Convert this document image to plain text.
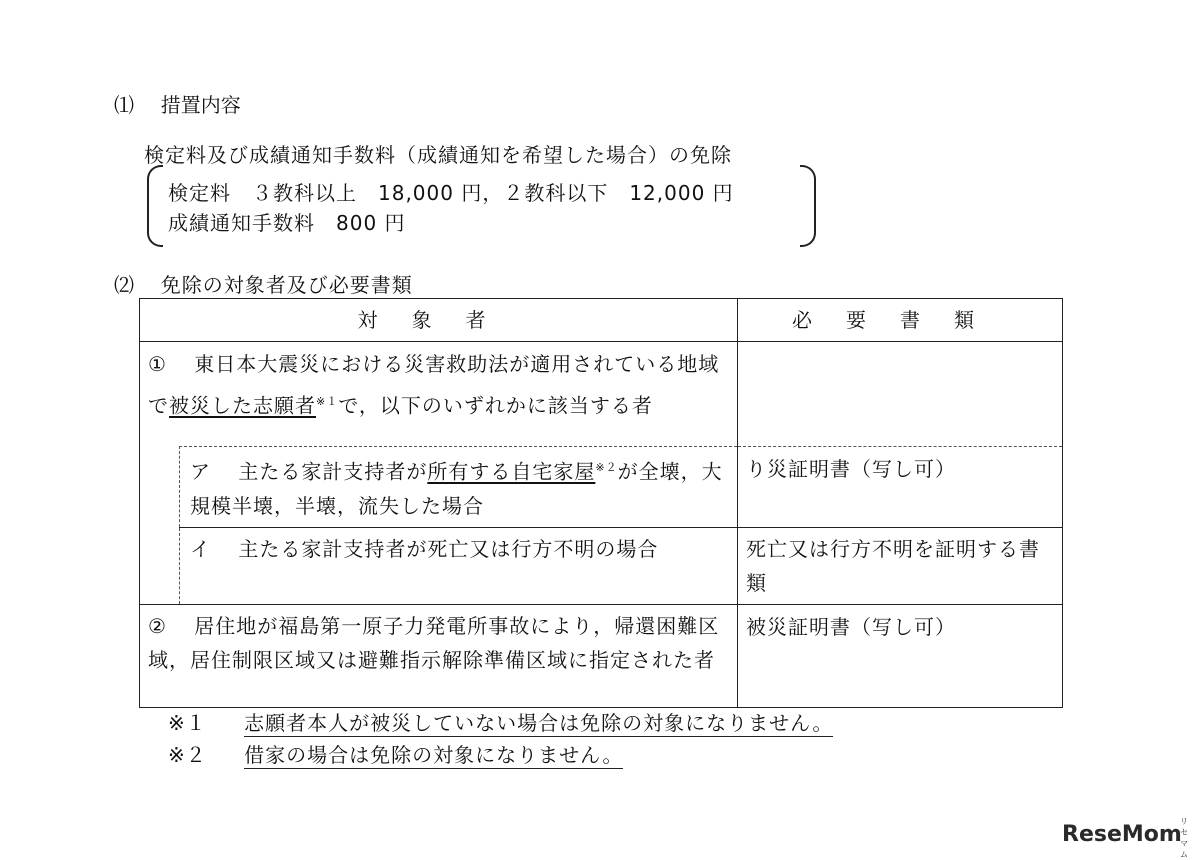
⑴ 措置内容
検定料及び成績通知手数料（成績通知を希望した場合）の免除
検定料　３教科以上　18,000 円，２教科以下　12,000 円
成績通知手数料　800 円
⑵ 免除の対象者及び必要書類
対象者		必要書類

① 東日本大震災における災害救助法が適用されている地域で被災した志願者$^{※1}$で，以下のいずれかに該当する者		

	ア 主たる家計支持者が所有する自宅家屋$^{※2}$が全壊，大規模半壊，半壊，流失した場合	り災証明書（写し可）

	イ 主たる家計支持者が死亡又は行方不明の場合	死亡又は行方不明を証明する書類

② 居住地が福島第一原子力発電所事故により，帰還困難区域，居住制限区域又は避難指示解除準備区域に指定された者		被災証明書（写し可）
※１ 志願者本人が被災していない場合は免除の対象になりません。
※２ 借家の場合は免除の対象になりません。
ReseMom
リセマム
